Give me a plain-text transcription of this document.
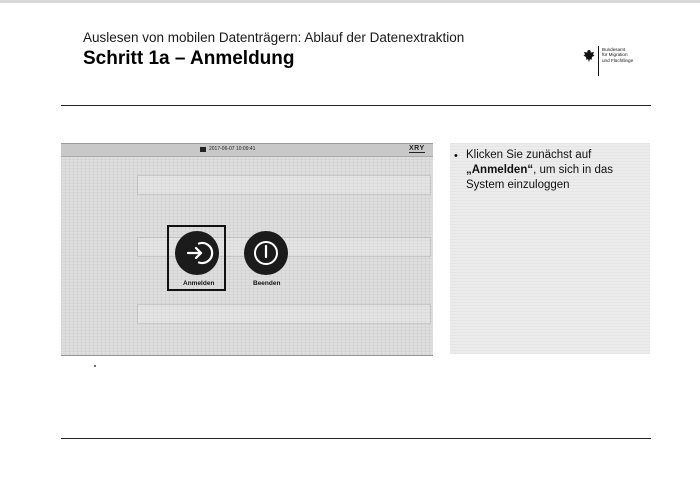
Auslesen von mobilen Datenträgern: Ablauf der Datenextraktion
Schritt 1a – Anmeldung	Bundesamt
für Migration
und Flüchtlinge
2017-06-07 10:09:41	XRY
Anmelden	Beenden
• Klicken Sie zunächst auf „Anmelden“, um sich in das System einzuloggen
